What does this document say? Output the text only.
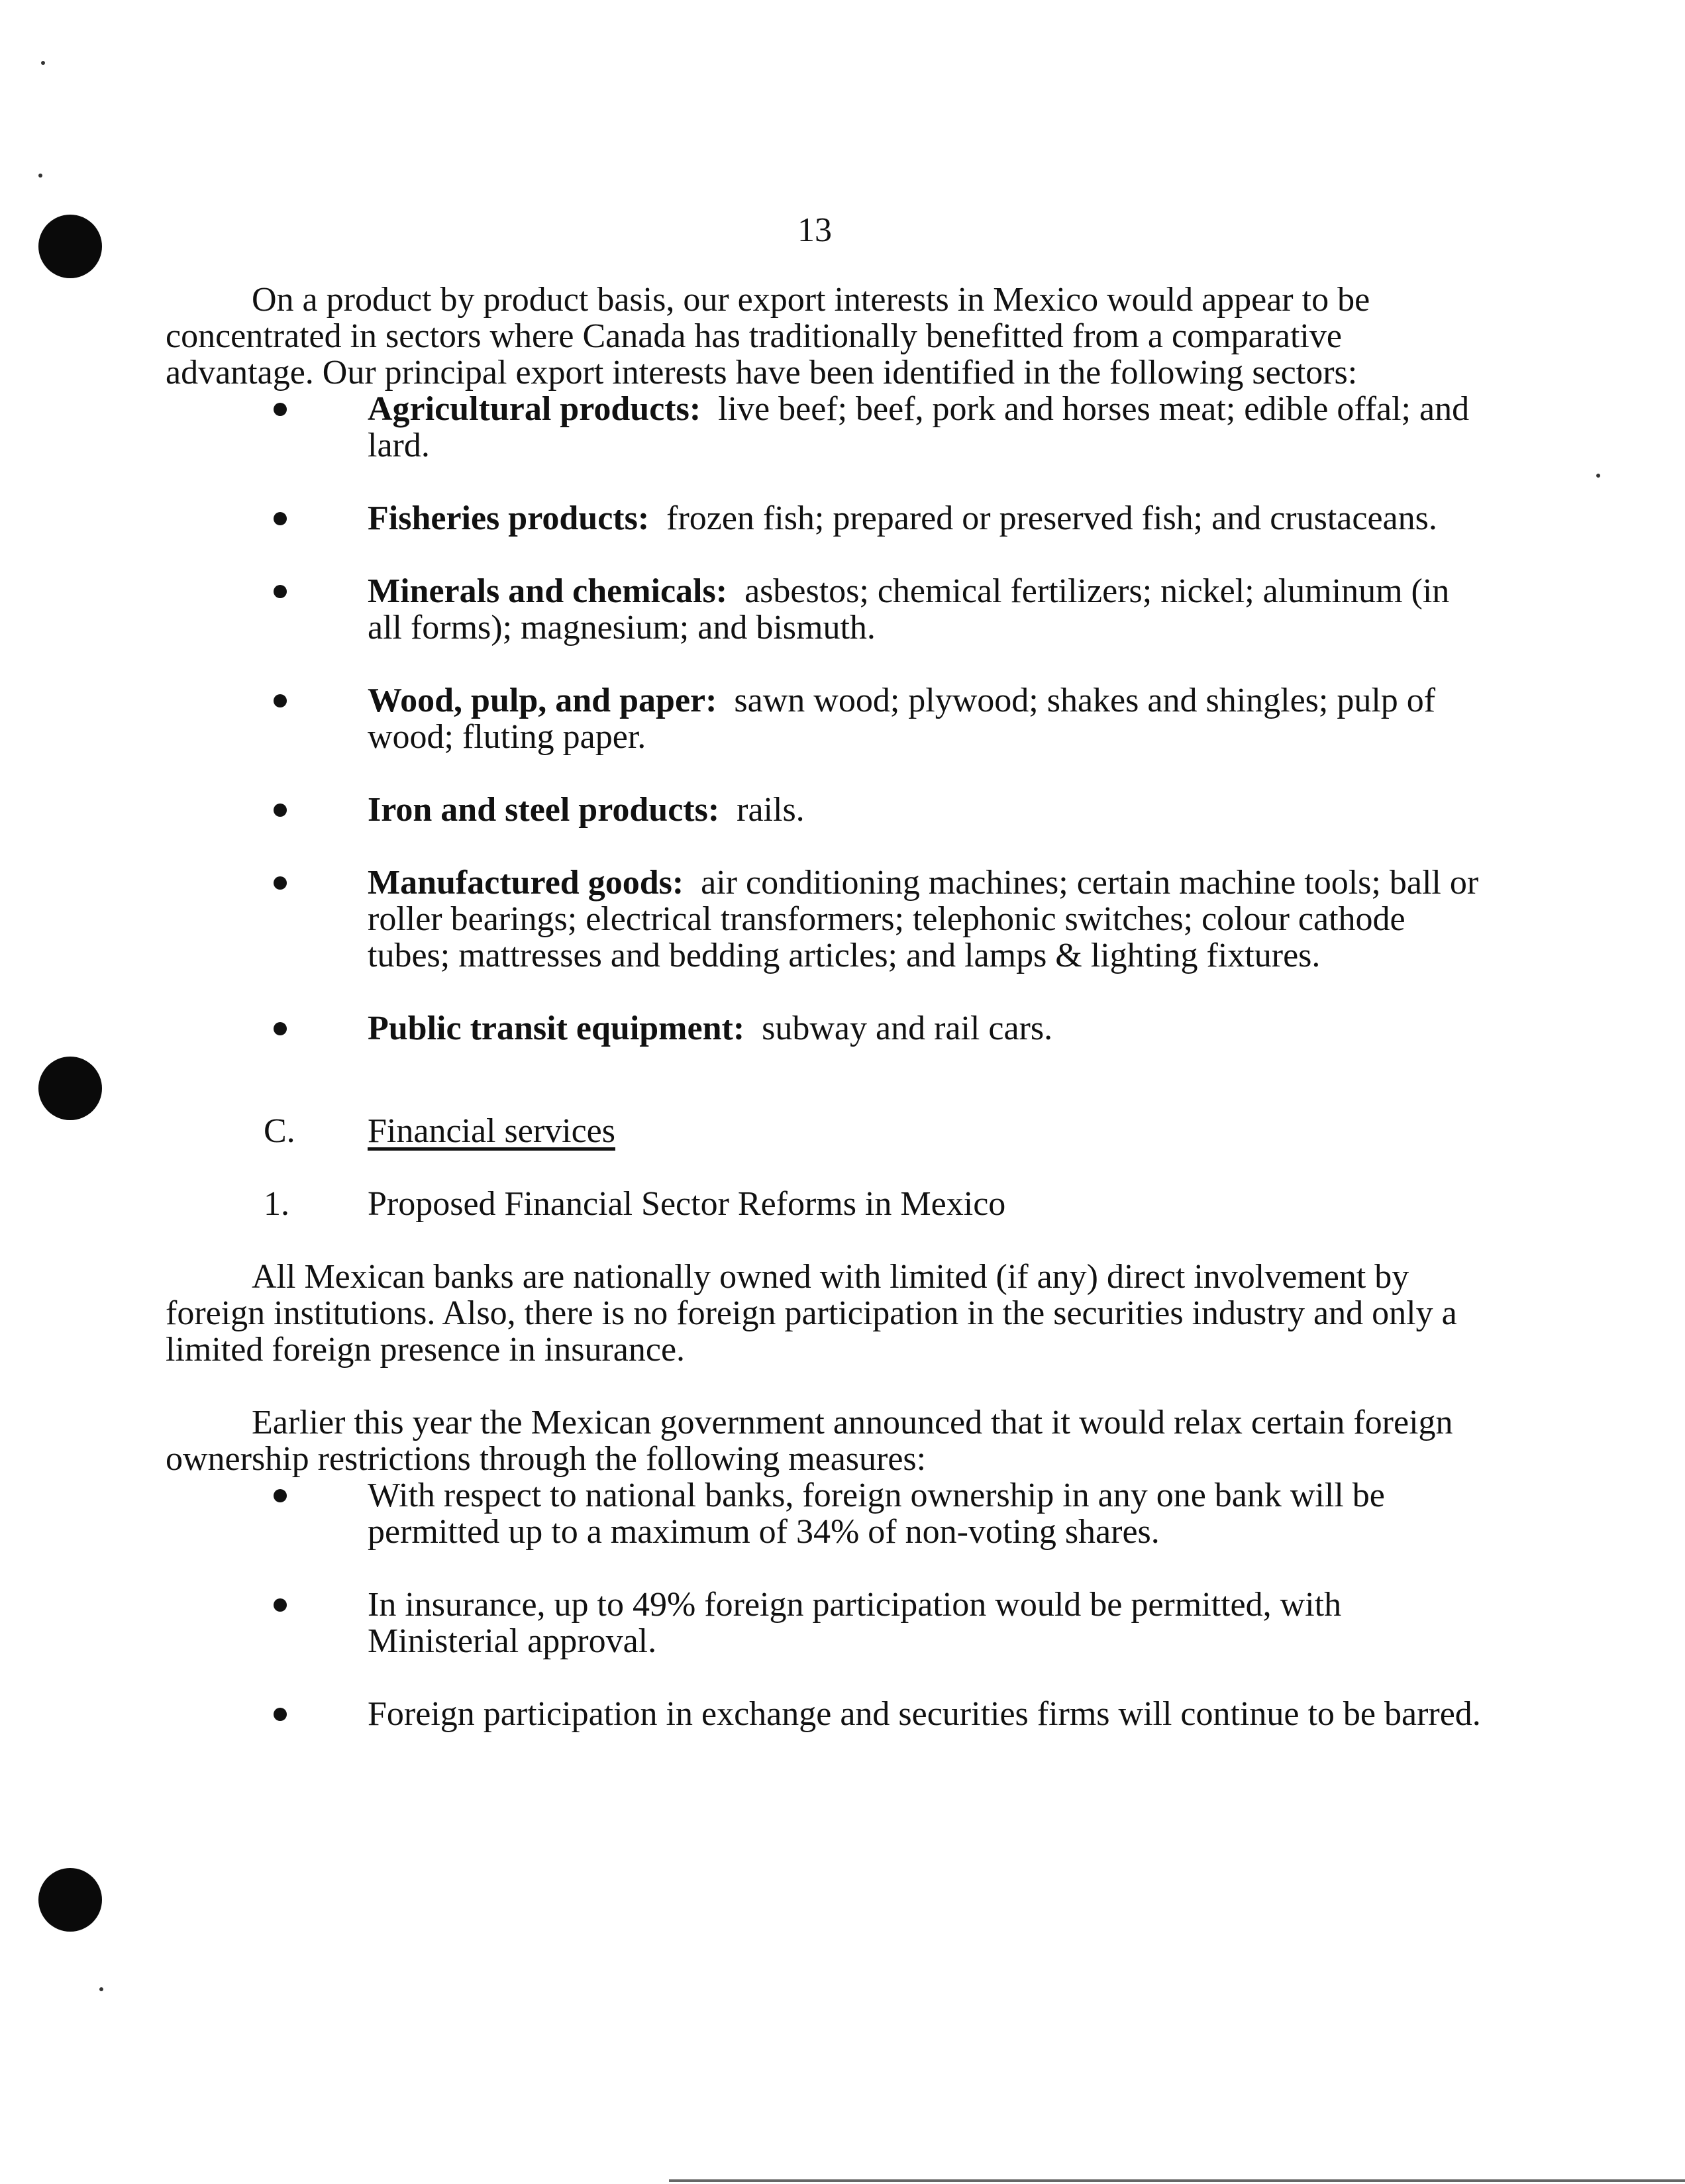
13

On a product by product basis, our export interests in Mexico would appear to be concentrated in sectors where Canada has traditionally benefitted from a comparative advantage. Our principal export interests have been identified in the following sectors:

Agricultural products: live beef; beef, pork and horses meat; edible offal; and lard.
Fisheries products: frozen fish; prepared or preserved fish; and crustaceans.
Minerals and chemicals: asbestos; chemical fertilizers; nickel; aluminum (in all forms); magnesium; and bismuth.
Wood, pulp, and paper: sawn wood; plywood; shakes and shingles; pulp of wood; fluting paper.
Iron and steel products: rails.
Manufactured goods: air conditioning machines; certain machine tools; ball or roller bearings; electrical transformers; telephonic switches; colour cathode tubes; mattresses and bedding articles; and lamps & lighting fixtures.
Public transit equipment: subway and rail cars.

C. Financial services

1. Proposed Financial Sector Reforms in Mexico

All Mexican banks are nationally owned with limited (if any) direct involvement by foreign institutions. Also, there is no foreign participation in the securities industry and only a limited foreign presence in insurance.

Earlier this year the Mexican government announced that it would relax certain foreign ownership restrictions through the following measures:

With respect to national banks, foreign ownership in any one bank will be permitted up to a maximum of 34% of non-voting shares.
In insurance, up to 49% foreign participation would be permitted, with Ministerial approval.
Foreign participation in exchange and securities firms will continue to be barred.
